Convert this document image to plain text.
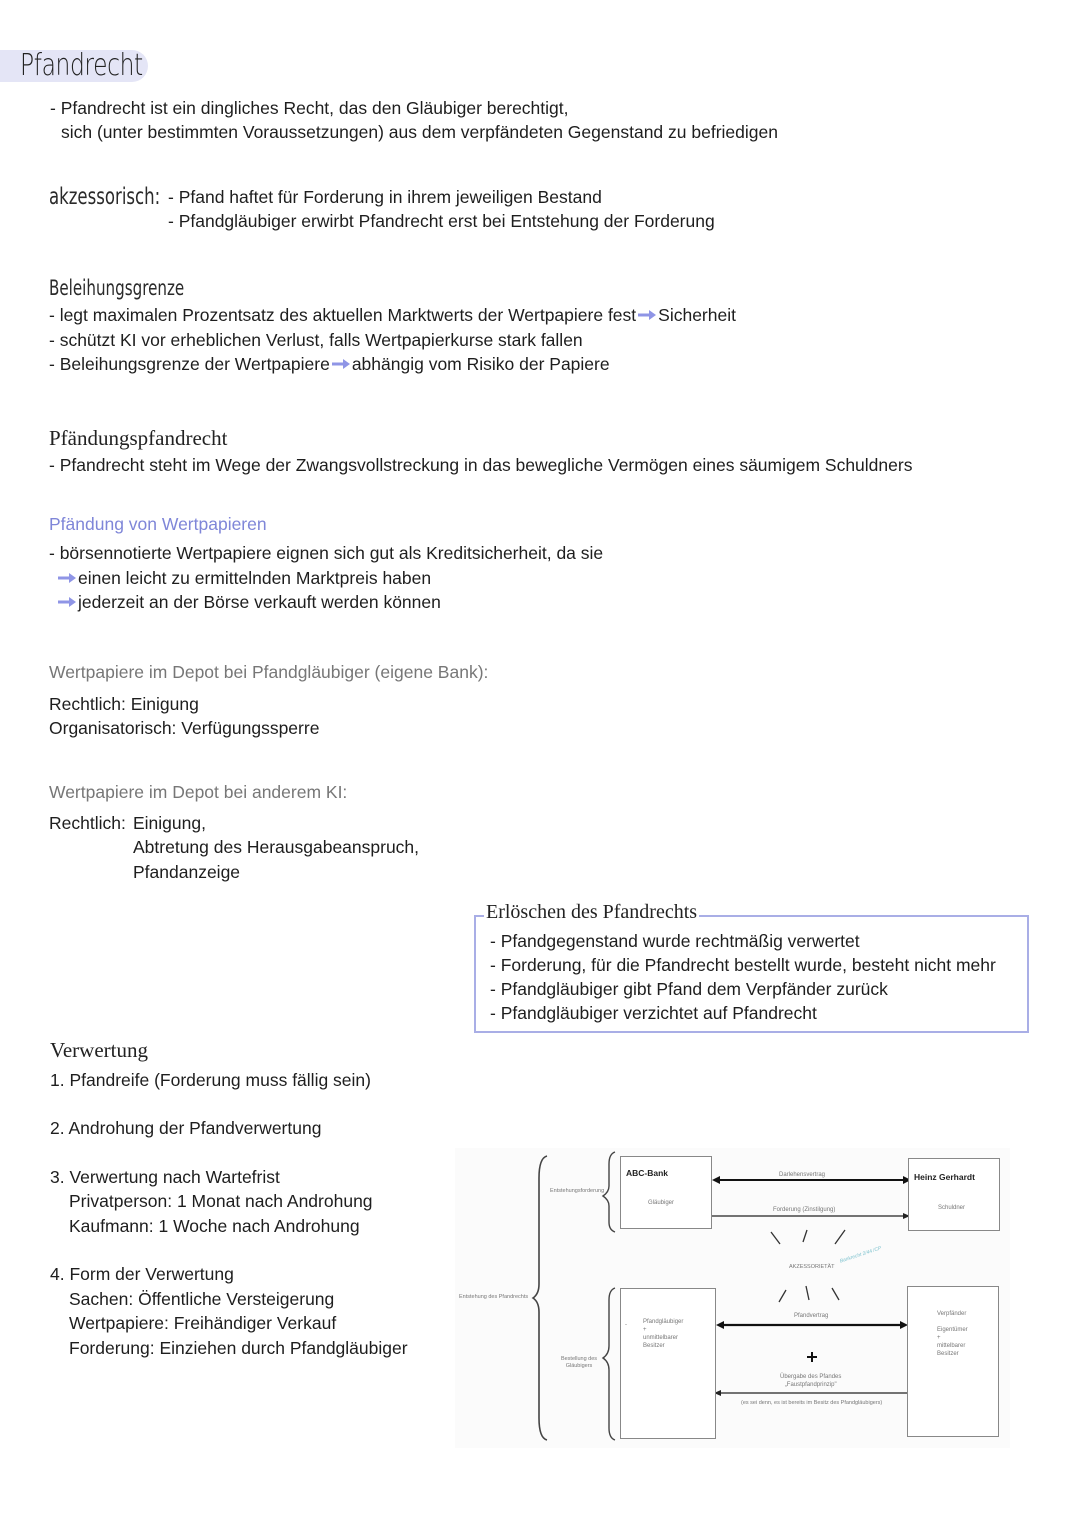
Pfandrecht
- Pfandrecht ist ein dingliches Recht, das den Gläubiger berechtigt,
sich (unter bestimmten Voraussetzungen) aus dem verpfändeten Gegenstand zu befriedigen
akzessorisch: - Pfand haftet für Forderung in ihrem jeweiligen Bestand
- Pfandgläubiger erwirbt Pfandrecht erst bei Entstehung der Forderung
Beleihungsgrenze
- legt maximalen Prozentsatz des aktuellen Marktwerts der Wertpapiere fest Sicherheit
- schützt KI vor erheblichen Verlust, falls Wertpapierkurse stark fallen
- Beleihungsgrenze der Wertpapiere abhängig vom Risiko der Papiere
Pfändungspfandrecht
- Pfandrecht steht im Wege der Zwangsvollstreckung in das bewegliche Vermögen eines säumigem Schuldners
Pfändung von Wertpapieren
- börsennotierte Wertpapiere eignen sich gut als Kreditsicherheit, da sie
einen leicht zu ermittelnden Marktpreis haben
jederzeit an der Börse verkauft werden können
Wertpapiere im Depot bei Pfandgläubiger (eigene Bank):
Rechtlich: Einigung
Organisatorisch: Verfügungssperre
Wertpapiere im Depot bei anderem KI:
Rechtlich: Einigung,
Abtretung des Herausgabeanspruch,
Pfandanzeige
Erlöschen des Pfandrechts
- Pfandgegenstand wurde rechtmäßig verwertet
- Forderung, für die Pfandrecht bestellt wurde, besteht nicht mehr
- Pfandgläubiger gibt Pfand dem Verpfänder zurück
- Pfandgläubiger verzichtet auf Pfandrecht
Verwertung
1. Pfandreife (Forderung muss fällig sein)
2. Androhung der Pfandverwertung
3. Verwertung nach Wartefrist
Privatperson: 1 Monat nach Androhung
Kaufmann: 1 Woche nach Androhung
4. Form der Verwertung
Sachen: Öffentliche Versteigerung
Wertpapiere: Freihändiger Verkauf
Forderung: Einziehen durch Pfandgläubiger
ABC-Bank
Gläubiger
Heinz Gerhardt
Schuldner
-	Pfandgläubiger
+
unmittelbarer
Besitzer
Verpfänder

Eigentümer
+
mittelbarer
Besitzer
Entstehung des Pfandrechts
Entstehungsforderung
Bestellung des Gläubigers
Darlehensvertrag
Forderung (Zinstilgung)
AKZESSORIETÄT
Bankrecht 2/44 /CP
Pfandvertrag
Übergabe des Pfandes
„Faustpfandprinzip"
(es sei denn, es ist bereits im Besitz des Pfandgläubigers)
